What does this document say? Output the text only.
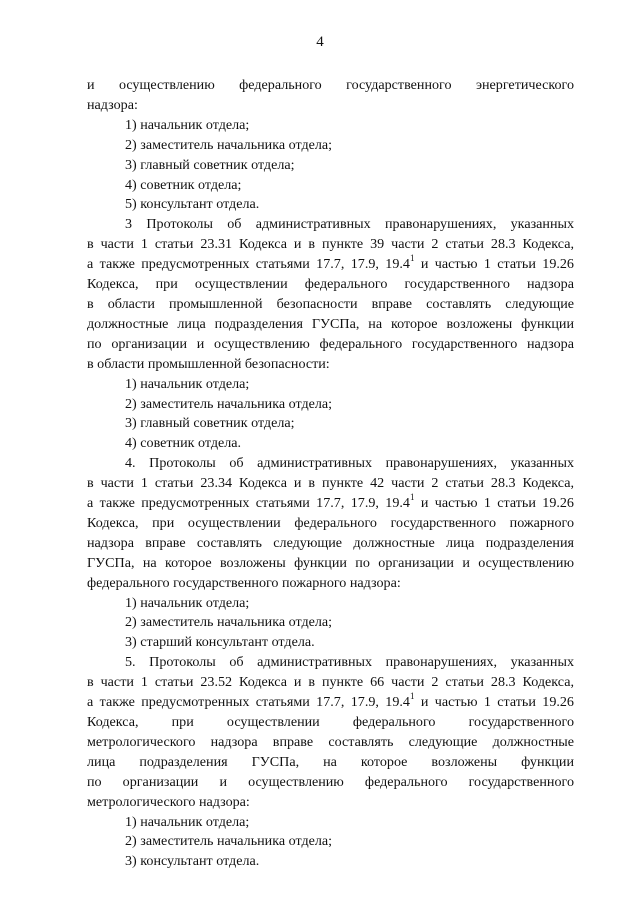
4
и осуществлению федерального государственного энергетического
надзора:
1) начальник отдела;
2) заместитель начальника отдела;
3) главный советник отдела;
4) советник отдела;
5) консультант отдела.
3 Протоколы об административных правонарушениях, указанных
в части 1 статьи 23.31 Кодекса и в пункте 39 части 2 статьи 28.3 Кодекса,
а также предусмотренных статьями 17.7, 17.9, 19.4$^1$ и частью 1 статьи 19.26
Кодекса, при осуществлении федерального государственного надзора
в области промышленной безопасности вправе составлять следующие
должностные лица подразделения ГУСПа, на которое возложены функции
по организации и осуществлению федерального государственного надзора
в области промышленной безопасности:
1) начальник отдела;
2) заместитель начальника отдела;
3) главный советник отдела;
4) советник отдела.
4. Протоколы об административных правонарушениях, указанных
в части 1 статьи 23.34 Кодекса и в пункте 42 части 2 статьи 28.3 Кодекса,
а также предусмотренных статьями 17.7, 17.9, 19.4$^1$ и частью 1 статьи 19.26
Кодекса, при осуществлении федерального государственного пожарного
надзора вправе составлять следующие должностные лица подразделения
ГУСПа, на которое возложены функции по организации и осуществлению
федерального государственного пожарного надзора:
1) начальник отдела;
2) заместитель начальника отдела;
3) старший консультант отдела.
5. Протоколы об административных правонарушениях, указанных
в части 1 статьи 23.52 Кодекса и в пункте 66 части 2 статьи 28.3 Кодекса,
а также предусмотренных статьями 17.7, 17.9, 19.4$^1$ и частью 1 статьи 19.26
Кодекса, при осуществлении федерального государственного
метрологического надзора вправе составлять следующие должностные
лица подразделения ГУСПа, на которое возложены функции
по организации и осуществлению федерального государственного
метрологического надзора:
1) начальник отдела;
2) заместитель начальника отдела;
3) консультант отдела.
